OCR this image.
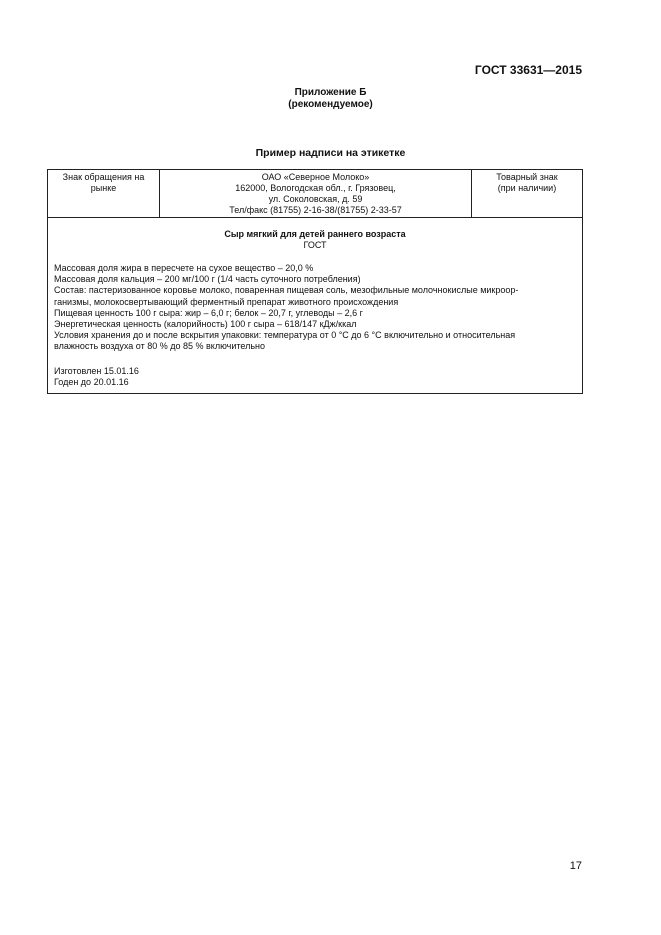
ГОСТ 33631—2015
Приложение Б
(рекомендуемое)
Пример надписи на этикетке
Знак обращения на
рынке
ОАО «Северное Молоко»
162000, Вологодская обл., г. Грязовец,
ул. Соколовская, д. 59
Тел/факс (81755) 2-16-38/(81755) 2-33-57
Товарный знак
(при наличии)
Сыр мягкий для детей раннего возраста
ГОСТ
Массовая доля жира в пересчете на сухое вещество – 20,0 %
Массовая доля кальция – 200 мг/100 г (1/4 часть суточного потребления)
Состав: пастеризованное коровье молоко, поваренная пищевая соль, мезофильные молочнокислые микроор-
ганизмы, молокосвертывающий ферментный препарат животного происхождения
Пищевая ценность 100 г сыра: жир – 6,0 г; белок – 20,7 г, углеводы – 2,6 г
Энергетическая ценность (калорийность) 100 г сыра – 618/147 кДж/ккал
Условия хранения до и после вскрытия упаковки: температура от 0 °С до 6 °С включительно и относительная
влажность воздуха от 80 % до 85 % включительно
Изготовлен 15.01.16
Годен до 20.01.16
17
